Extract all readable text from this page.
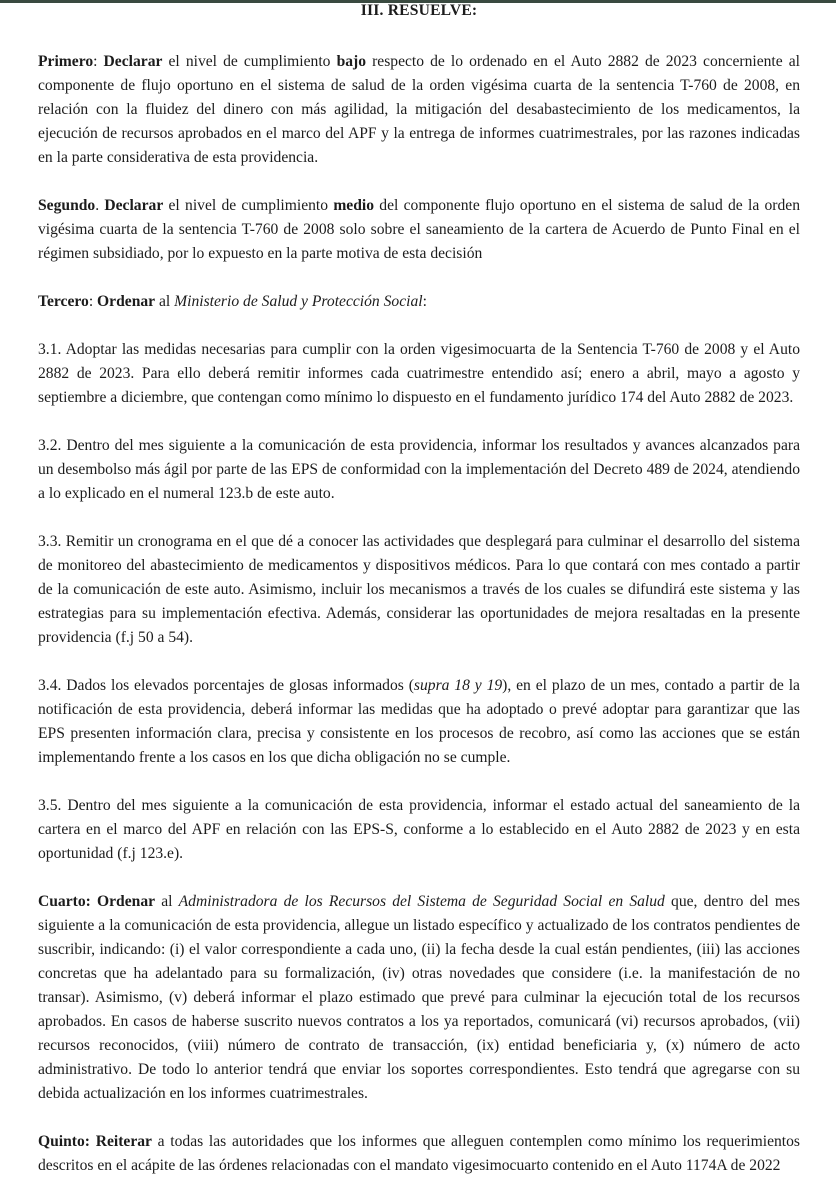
III. RESUELVE:

Primero: Declarar el nivel de cumplimiento bajo respecto de lo ordenado en el Auto 2882 de 2023 concerniente al componente de flujo oportuno en el sistema de salud de la orden vigésima cuarta de la sentencia T-760 de 2008, en relación con la fluidez del dinero con más agilidad, la mitigación del desabastecimiento de los medicamentos, la ejecución de recursos aprobados en el marco del APF y la entrega de informes cuatrimestrales, por las razones indicadas en la parte considerativa de esta providencia.

Segundo. Declarar el nivel de cumplimiento medio del componente flujo oportuno en el sistema de salud de la orden vigésima cuarta de la sentencia T-760 de 2008 solo sobre el saneamiento de la cartera de Acuerdo de Punto Final en el régimen subsidiado, por lo expuesto en la parte motiva de esta decisión

Tercero: Ordenar al Ministerio de Salud y Protección Social:

3.1. Adoptar las medidas necesarias para cumplir con la orden vigesimocuarta de la Sentencia T-760 de 2008 y el Auto 2882 de 2023. Para ello deberá remitir informes cada cuatrimestre entendido así; enero a abril, mayo a agosto y septiembre a diciembre, que contengan como mínimo lo dispuesto en el fundamento jurídico 174 del Auto 2882 de 2023.

3.2. Dentro del mes siguiente a la comunicación de esta providencia, informar los resultados y avances alcanzados para un desembolso más ágil por parte de las EPS de conformidad con la implementación del Decreto 489 de 2024, atendiendo a lo explicado en el numeral 123.b de este auto.

3.3. Remitir un cronograma en el que dé a conocer las actividades que desplegará para culminar el desarrollo del sistema de monitoreo del abastecimiento de medicamentos y dispositivos médicos. Para lo que contará con mes contado a partir de la comunicación de este auto. Asimismo, incluir los mecanismos a través de los cuales se difundirá este sistema y las estrategias para su implementación efectiva. Además, considerar las oportunidades de mejora resaltadas en la presente providencia (f.j 50 a 54).

3.4. Dados los elevados porcentajes de glosas informados (supra 18 y 19), en el plazo de un mes, contado a partir de la notificación de esta providencia, deberá informar las medidas que ha adoptado o prevé adoptar para garantizar que las EPS presenten información clara, precisa y consistente en los procesos de recobro, así como las acciones que se están implementando frente a los casos en los que dicha obligación no se cumple.

3.5. Dentro del mes siguiente a la comunicación de esta providencia, informar el estado actual del saneamiento de la cartera en el marco del APF en relación con las EPS-S, conforme a lo establecido en el Auto 2882 de 2023 y en esta oportunidad (f.j 123.e).

Cuarto: Ordenar al Administradora de los Recursos del Sistema de Seguridad Social en Salud que, dentro del mes siguiente a la comunicación de esta providencia, allegue un listado específico y actualizado de los contratos pendientes de suscribir, indicando: (i) el valor correspondiente a cada uno, (ii) la fecha desde la cual están pendientes, (iii) las acciones concretas que ha adelantado para su formalización, (iv) otras novedades que considere (i.e. la manifestación de no transar). Asimismo, (v) deberá informar el plazo estimado que prevé para culminar la ejecución total de los recursos aprobados. En casos de haberse suscrito nuevos contratos a los ya reportados, comunicará (vi) recursos aprobados, (vii) recursos reconocidos, (viii) número de contrato de transacción, (ix) entidad beneficiaria y, (x) número de acto administrativo. De todo lo anterior tendrá que enviar los soportes correspondientes. Esto tendrá que agregarse con su debida actualización en los informes cuatrimestrales.

Quinto: Reiterar a todas las autoridades que los informes que alleguen contemplen como mínimo los requerimientos descritos en el acápite de las órdenes relacionadas con el mandato vigesimocuarto contenido en el Auto 1174A de 2022
